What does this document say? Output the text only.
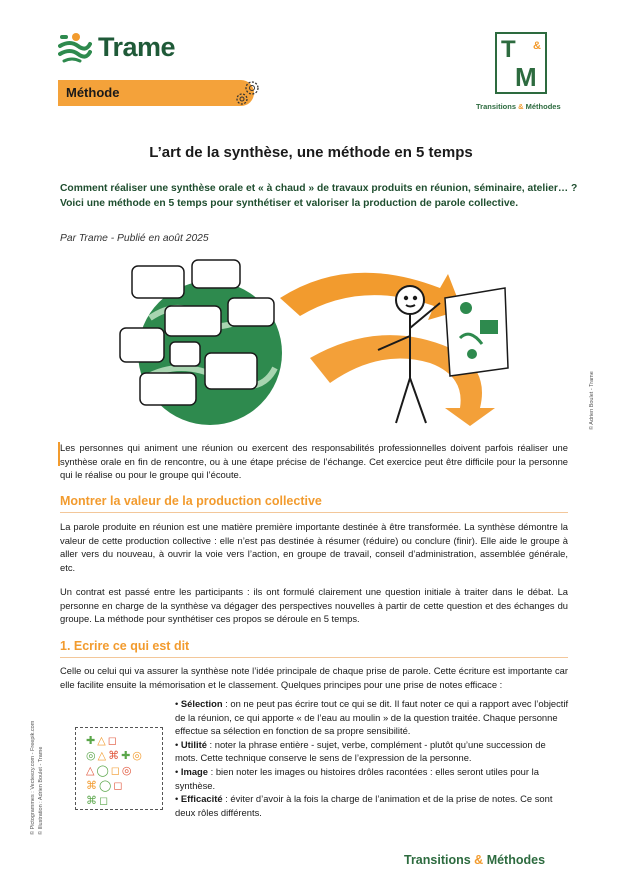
Trame	T &
M
Transitions & Méthodes
Méthode
L’art de la synthèse, une méthode en 5 temps
Comment réaliser une synthèse orale et « à chaud » de travaux produits en réunion, séminaire, atelier… ?
Voici une méthode en 5 temps pour synthétiser et valoriser la production de parole collective.
Par Trame - Publié en août 2025
© Adrien Boulet - Trame
Les personnes qui animent une réunion ou exercent des responsabilités professionnelles doivent parfois réaliser une synthèse orale en fin de rencontre, ou à une étape précise de l’échange. Cet exercice peut être difficile pour la personne qui le réalise ou pour le groupe qui l’écoute.
Montrer la valeur de la production collective
La parole produite en réunion est une matière première importante destinée à être transformée. La synthèse démontre la valeur de cette production collective : elle n’est pas destinée à résumer (réduire) ou conclure (finir). Elle aide le groupe à aller vers du nouveau, à ouvrir la voie vers l’action, en groupe de travail, conseil d’administration, assemblée générale, etc.
Un contrat est passé entre les participants : ils ont formulé clairement une question initiale à traiter dans le débat. La personne en charge de la synthèse va dégager des perspectives nouvelles à partir de cette question et des échanges du groupe. La méthode pour synthétiser ces propos se déroule en 5 temps.
1. Ecrire ce qui est dit
Celle ou celui qui va assurer la synthèse note l’idée principale de chaque prise de parole. Cette écriture est importante car elle facilite ensuite la mémorisation et le classement. Quelques principes pour une prise de notes efficace :
• Sélection : on ne peut pas écrire tout ce qui se dit. Il faut noter ce qui a rapport avec l’objectif de la réunion, ce qui apporte « de l’eau au moulin » de la question traitée. Chaque personne effectue sa sélection en fonction de sa propre sensibilité.
• Utilité : noter la phrase entière - sujet, verbe, complément - plutôt qu’une succession de mots. Cette technique conserve le sens de l’expression de la personne.
• Image : bien noter les images ou histoires drôles racontées : elles seront utiles pour la synthèse.
• Efficacité : éviter d’avoir à la fois la charge de l’animation et de la prise de notes. Ce sont deux rôles différents.
✚△◻
◎△⌘✚◎
△◯◻◎
⌘◯◻
⌘◻
© Pictogrammes : Vecteezy.com - Freepik.com © Illustration : Adrien Boulet - Trame
Transitions & Méthodes
